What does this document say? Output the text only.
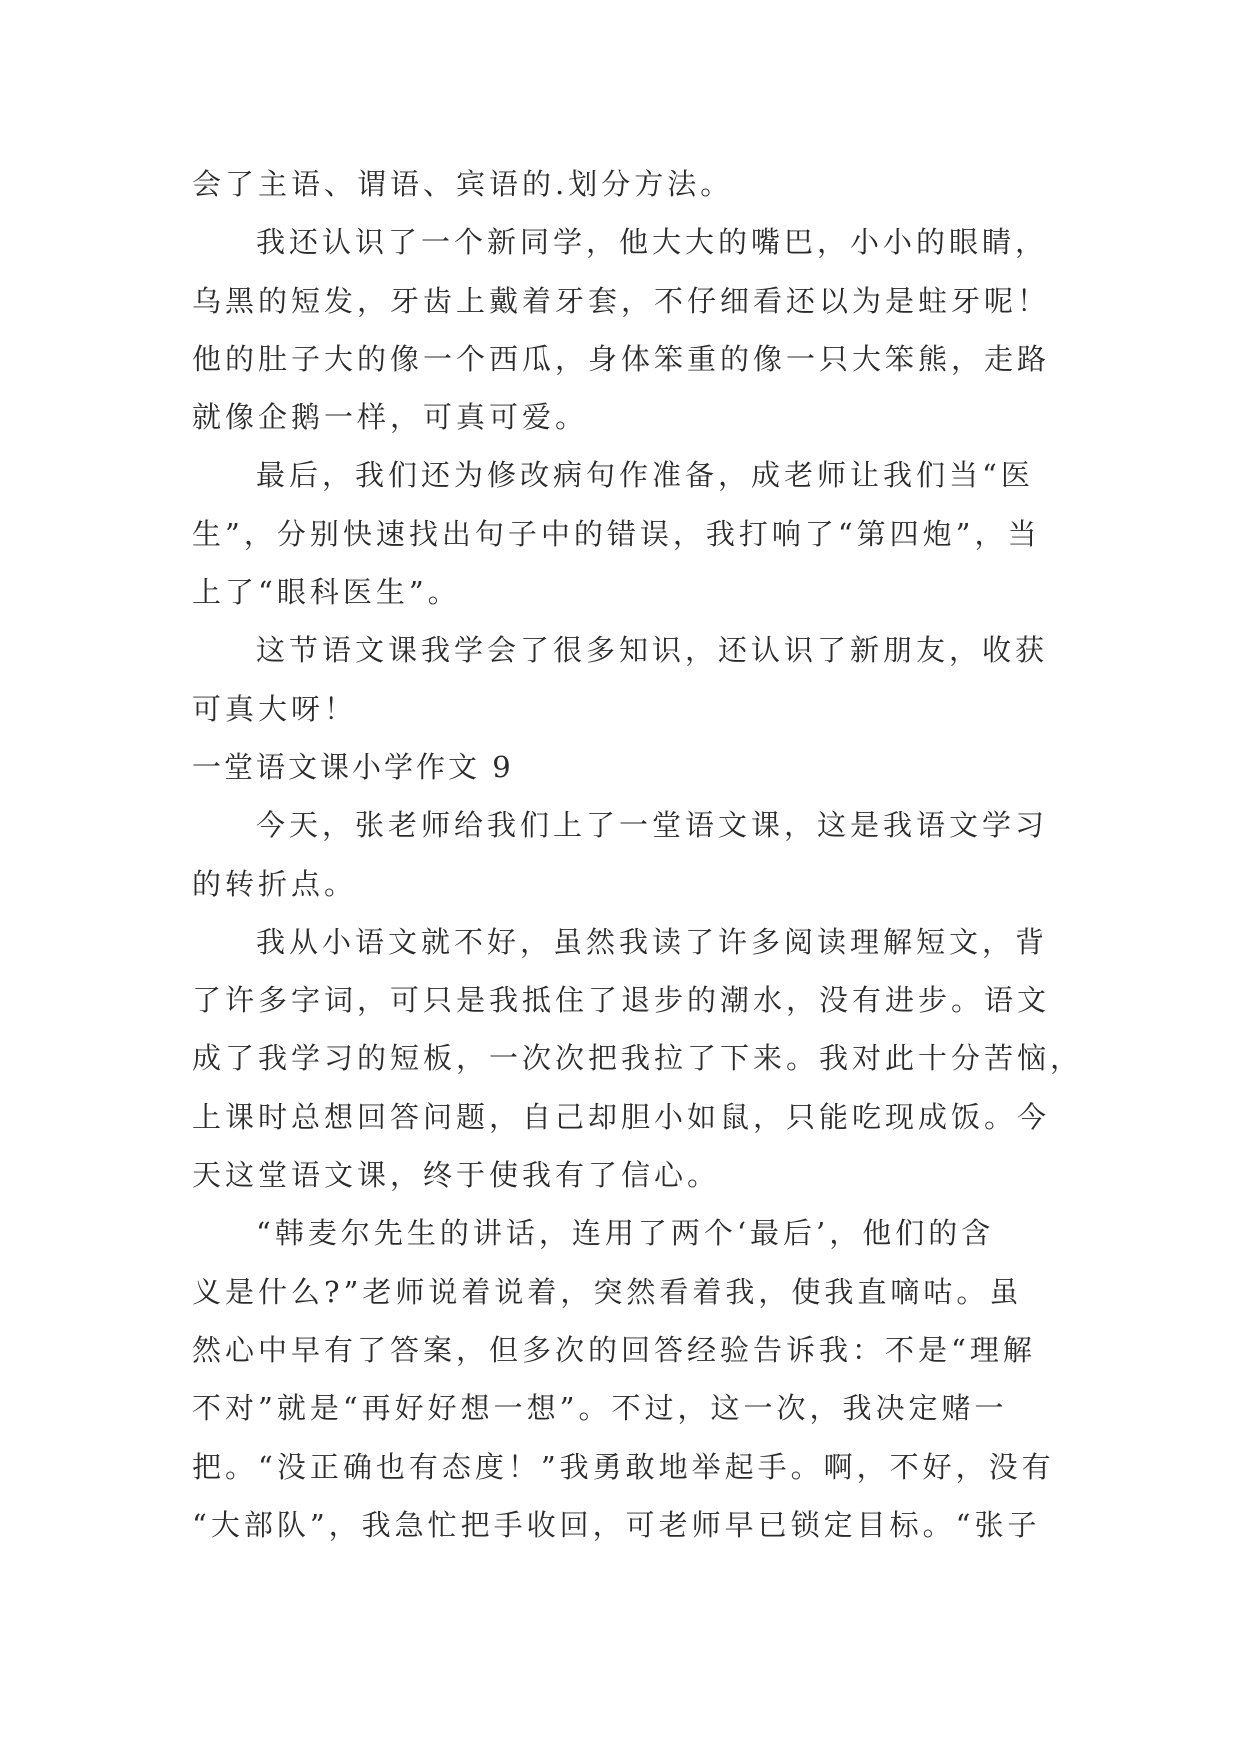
会了主语、谓语、宾语的.划分方法。
我还认识了一个新同学，他大大的嘴巴，小小的眼睛，
乌黑的短发，牙齿上戴着牙套，不仔细看还以为是蛀牙呢！
他的肚子大的像一个西瓜，身体笨重的像一只大笨熊，走路
就像企鹅一样，可真可爱。
最后，我们还为修改病句作准备，成老师让我们当“医
生”，分别快速找出句子中的错误，我打响了“第四炮”，当
上了“眼科医生”。
这节语文课我学会了很多知识，还认识了新朋友，收获
可真大呀！
一堂语文课小学作文 9
今天，张老师给我们上了一堂语文课，这是我语文学习
的转折点。
我从小语文就不好，虽然我读了许多阅读理解短文，背
了许多字词，可只是我抵住了退步的潮水，没有进步。语文
成了我学习的短板，一次次把我拉了下来。我对此十分苦恼，
上课时总想回答问题，自己却胆小如鼠，只能吃现成饭。今
天这堂语文课，终于使我有了信心。
“韩麦尔先生的讲话，连用了两个‘最后’，他们的含
义是什么?”老师说着说着，突然看着我，使我直嘀咕。虽
然心中早有了答案，但多次的回答经验告诉我：不是“理解
不对”就是“再好好想一想”。不过，这一次，我决定赌一
把。“没正确也有态度！”我勇敢地举起手。啊，不好，没有
“大部队”，我急忙把手收回，可老师早已锁定目标。“张子
